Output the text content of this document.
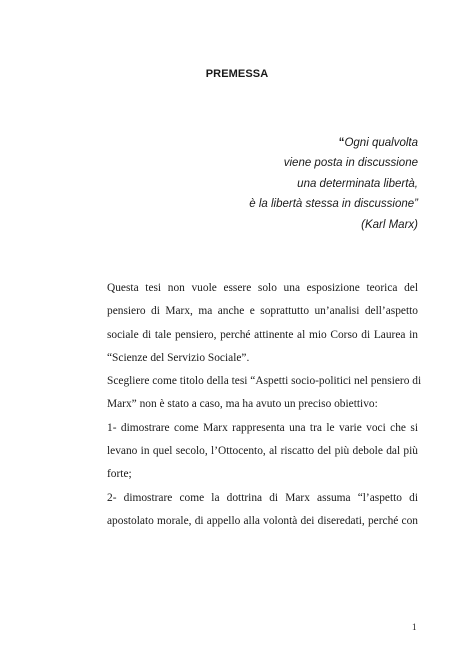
PREMESSA
“Ogni qualvolta
viene posta in discussione
una determinata libertà,
è la libertà stessa in discussione”
(Karl Marx)
Questa tesi non vuole essere solo una esposizione teorica del
pensiero di Marx, ma anche e soprattutto un’analisi dell’aspetto
sociale di tale pensiero, perché attinente al mio Corso di Laurea in
“Scienze del Servizio Sociale”.
Scegliere come titolo della tesi “Aspetti socio-politici nel pensiero di
Marx” non è stato a caso, ma ha avuto un preciso obiettivo:
1- dimostrare come Marx rappresenta una tra le varie voci che si
levano in quel secolo, l’Ottocento, al riscatto del più debole dal più
forte;
2- dimostrare come la dottrina di Marx assuma “l’aspetto di
apostolato morale, di appello alla volontà dei diseredati, perché con
1
